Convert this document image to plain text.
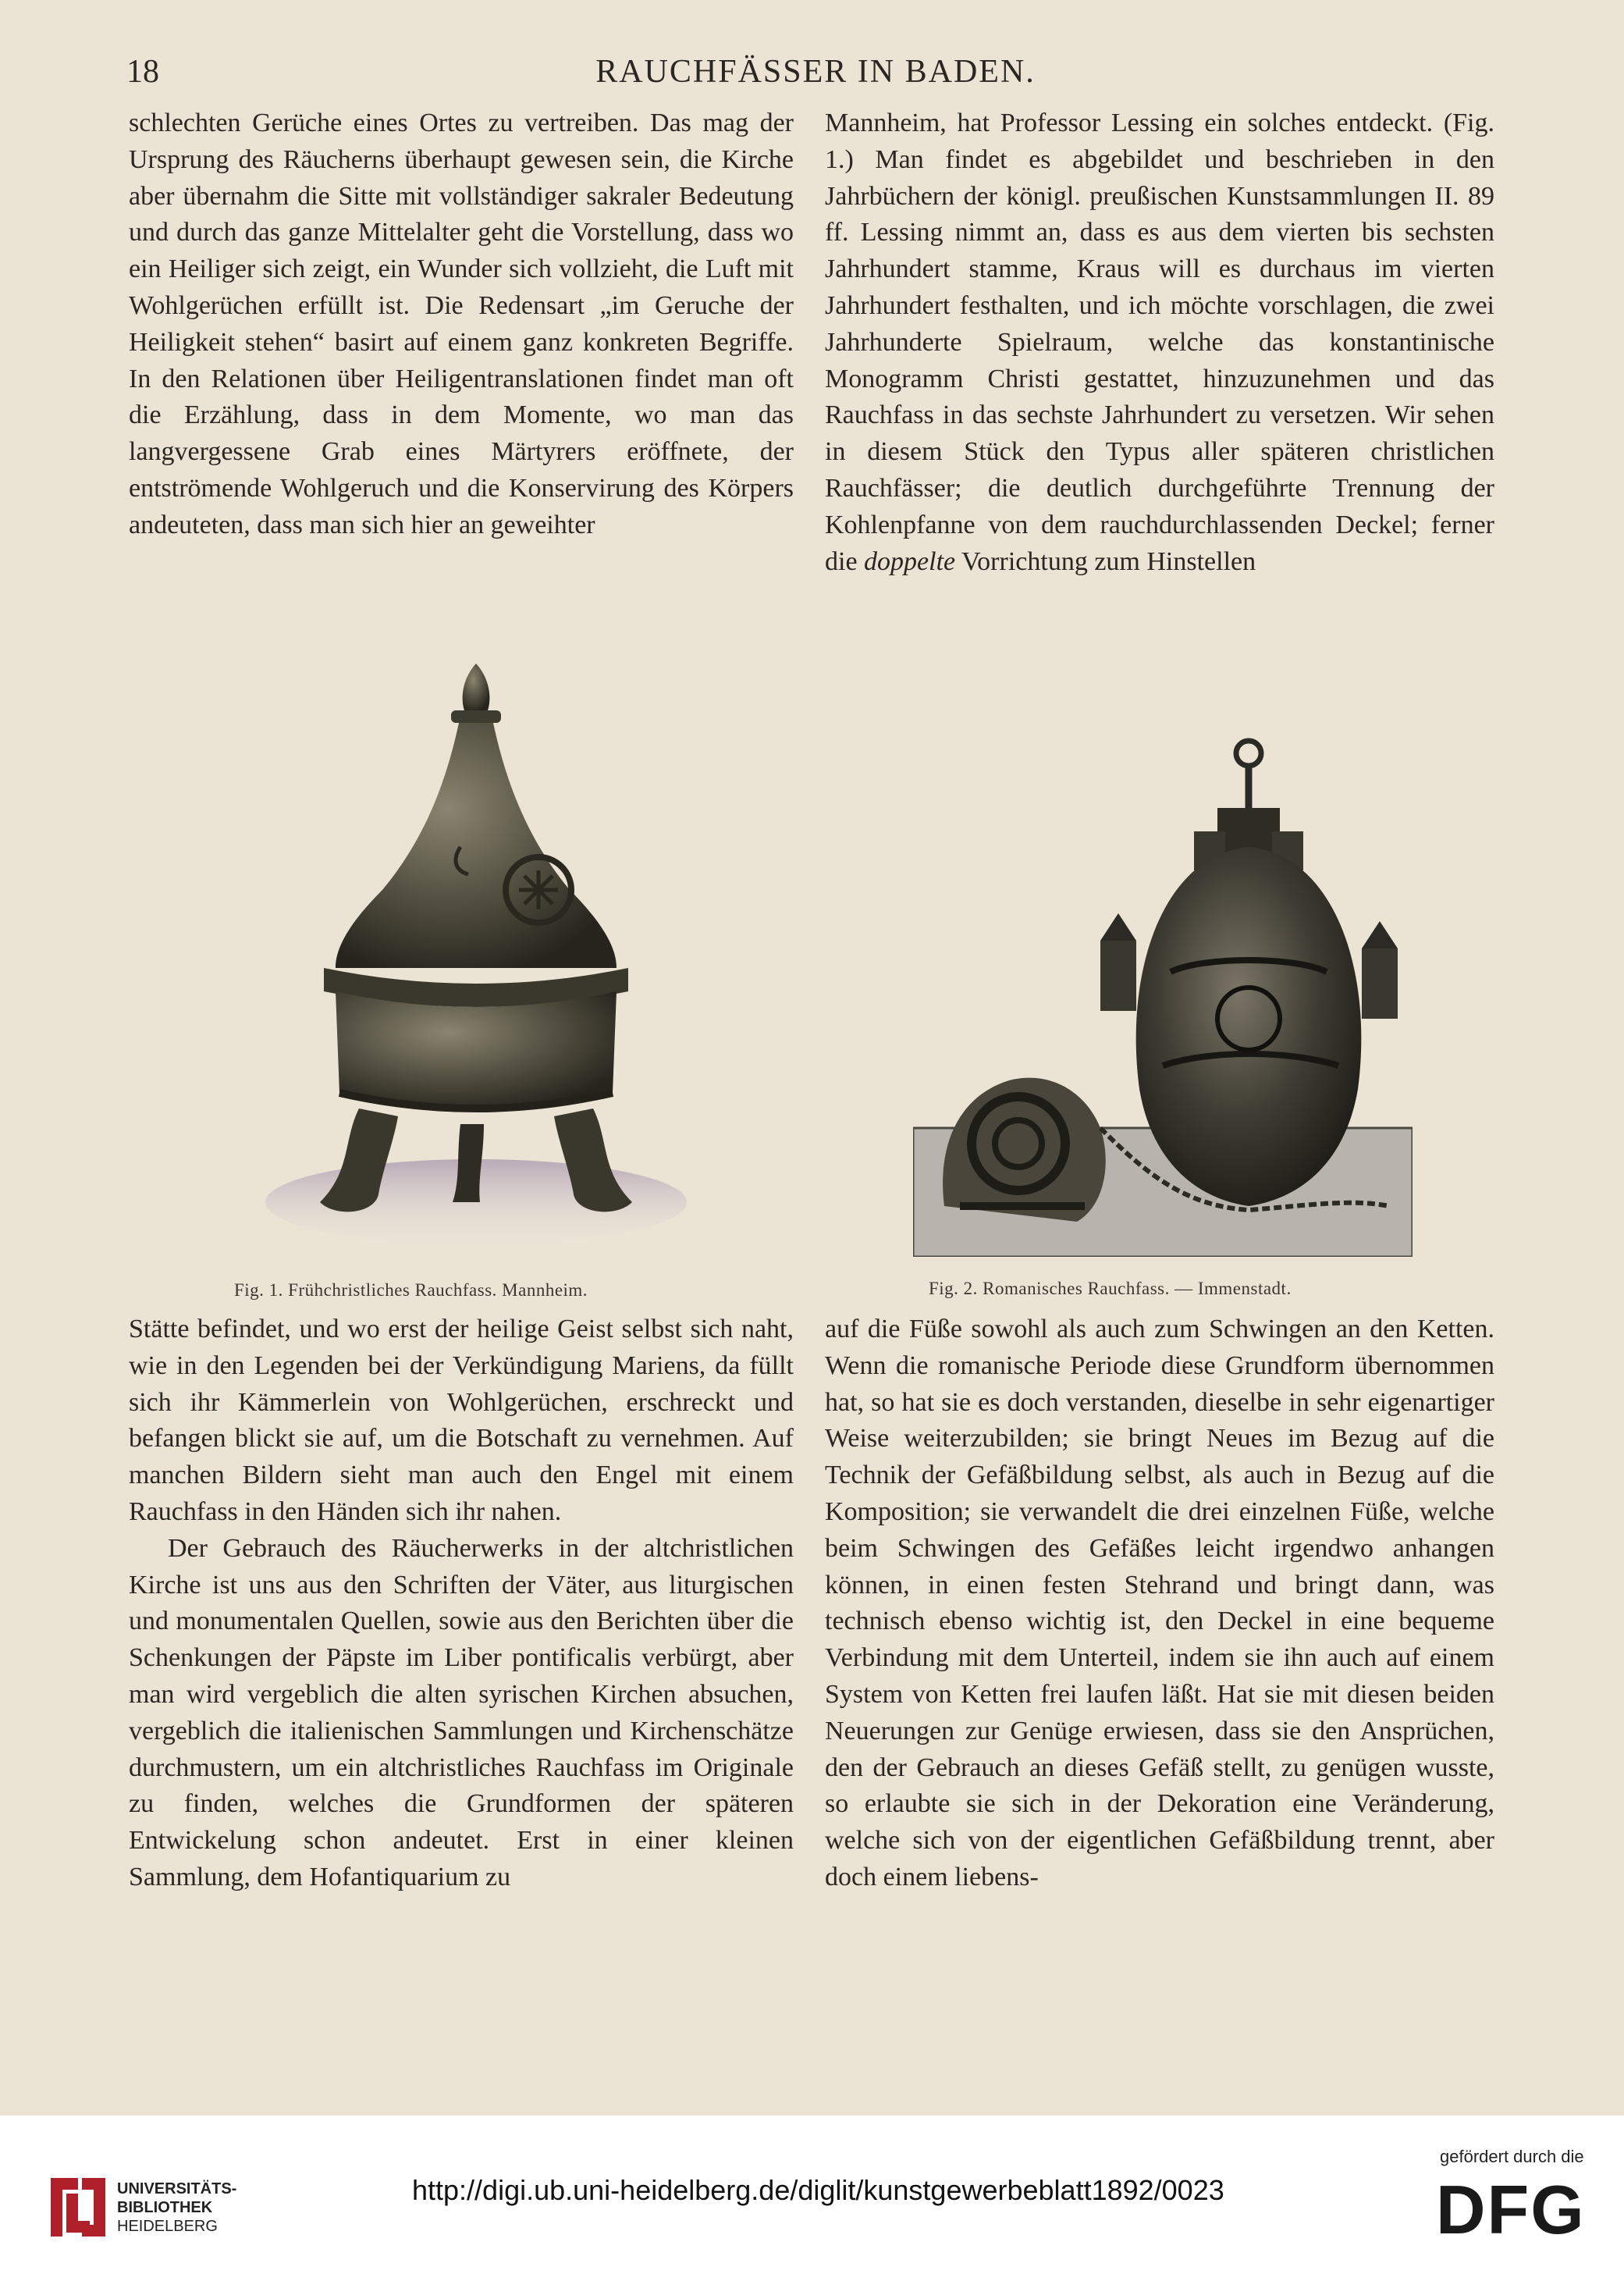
18	RAUCHFÄSSER IN BADEN.

schlechten Gerüche eines Ortes zu vertreiben. Das mag der Ursprung des Räucherns überhaupt gewesen sein, die Kirche aber übernahm die Sitte mit vollständiger sakraler Bedeutung und durch das ganze Mittelalter geht die Vorstellung, dass wo ein Heiliger sich zeigt, ein Wunder sich vollzieht, die Luft mit Wohlgerüchen erfüllt ist. Die Redensart „im Geruche der Heiligkeit stehen“ basirt auf einem ganz konkreten Begriffe. In den Relationen über Heiligentranslationen findet man oft die Erzählung, dass in dem Momente, wo man das langvergessene Grab eines Märtyrers eröffnete, der entströmende Wohlgeruch und die Konservirung des Körpers andeuteten, dass man sich hier an geweihter

Mannheim, hat Professor Lessing ein solches entdeckt. (Fig. 1.) Man findet es abgebildet und beschrieben in den Jahrbüchern der königl. preußischen Kunstsammlungen II. 89 ff. Lessing nimmt an, dass es aus dem vierten bis sechsten Jahrhundert stamme, Kraus will es durchaus im vierten Jahrhundert festhalten, und ich möchte vorschlagen, die zwei Jahrhunderte Spielraum, welche das konstantinische Monogramm Christi gestattet, hinzuzunehmen und das Rauchfass in das sechste Jahrhundert zu versetzen. Wir sehen in diesem Stück den Typus aller späteren christlichen Rauchfässer; die deutlich durchgeführte Trennung der Kohlenpfanne von dem rauchdurchlassenden Deckel; ferner die doppelte Vorrichtung zum Hinstellen

Fig. 1. Frühchristliches Rauchfass. Mannheim.	Fig. 2. Romanisches Rauchfass. — Immenstadt.

Stätte befindet, und wo erst der heilige Geist selbst sich naht, wie in den Legenden bei der Verkündigung Mariens, da füllt sich ihr Kämmerlein von Wohlgerüchen, erschreckt und befangen blickt sie auf, um die Botschaft zu vernehmen. Auf manchen Bildern sieht man auch den Engel mit einem Rauchfass in den Händen sich ihr nahen.

Der Gebrauch des Räucherwerks in der altchristlichen Kirche ist uns aus den Schriften der Väter, aus liturgischen und monumentalen Quellen, sowie aus den Berichten über die Schenkungen der Päpste im Liber pontificalis verbürgt, aber man wird vergeblich die alten syrischen Kirchen absuchen, vergeblich die italienischen Sammlungen und Kirchenschätze durchmustern, um ein altchristliches Rauchfass im Originale zu finden, welches die Grundformen der späteren Entwickelung schon andeutet. Erst in einer kleinen Sammlung, dem Hofantiquarium zu

auf die Füße sowohl als auch zum Schwingen an den Ketten. Wenn die romanische Periode diese Grundform übernommen hat, so hat sie es doch verstanden, dieselbe in sehr eigenartiger Weise weiterzubilden; sie bringt Neues im Bezug auf die Technik der Gefäßbildung selbst, als auch in Bezug auf die Komposition; sie verwandelt die drei einzelnen Füße, welche beim Schwingen des Gefäßes leicht irgendwo anhangen können, in einen festen Stehrand und bringt dann, was technisch ebenso wichtig ist, den Deckel in eine bequeme Verbindung mit dem Unterteil, indem sie ihn auch auf einem System von Ketten frei laufen läßt. Hat sie mit diesen beiden Neuerungen zur Genüge erwiesen, dass sie den Ansprüchen, den der Gebrauch an dieses Gefäß stellt, zu genügen wusste, so erlaubte sie sich in der Dekoration eine Veränderung, welche sich von der eigentlichen Gefäßbildung trennt, aber doch einem liebens-

UNIVERSITÄTS-
BIBLIOTHEK
HEIDELBERG
http://digi.ub.uni-heidelberg.de/diglit/kunstgewerbeblatt1892/0023
gefördert durch die
DFG
